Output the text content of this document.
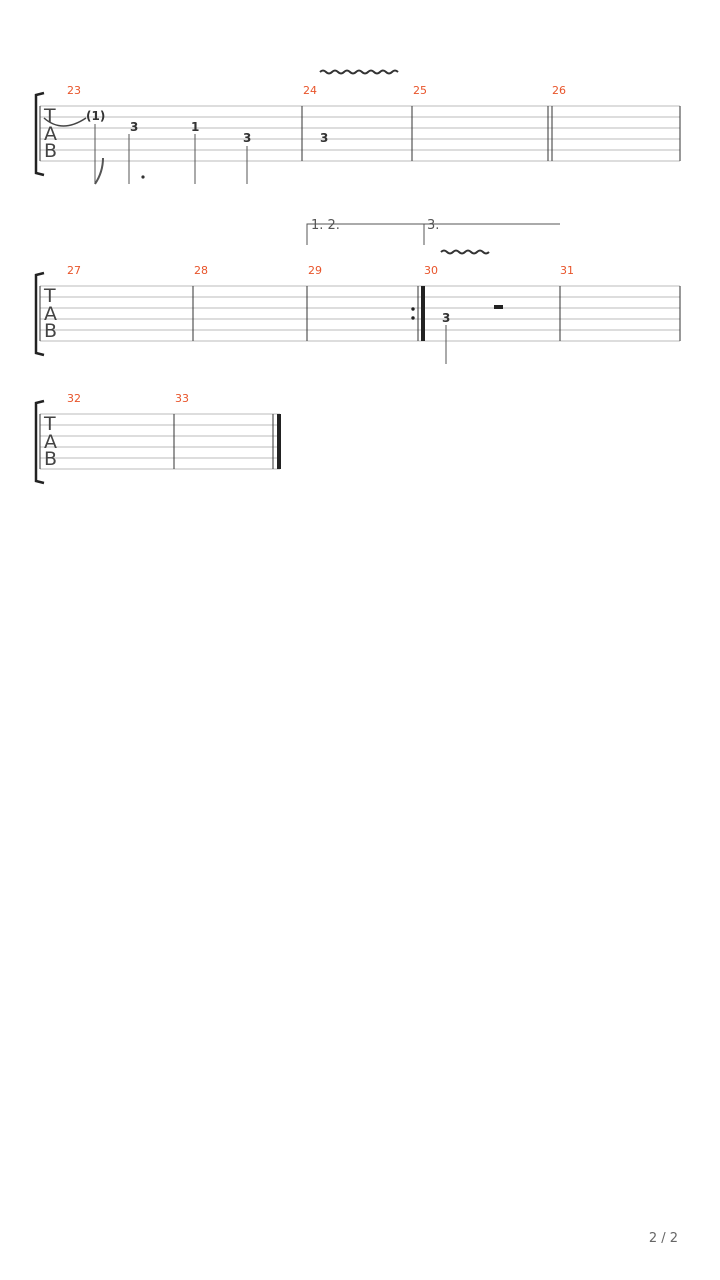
T
A
B
23	24	25	26
(1)
3	1
3	3
T
A
B
27	28	29	30	31
1. 2.	3.
3
T
A
B
32	33
2 / 2
